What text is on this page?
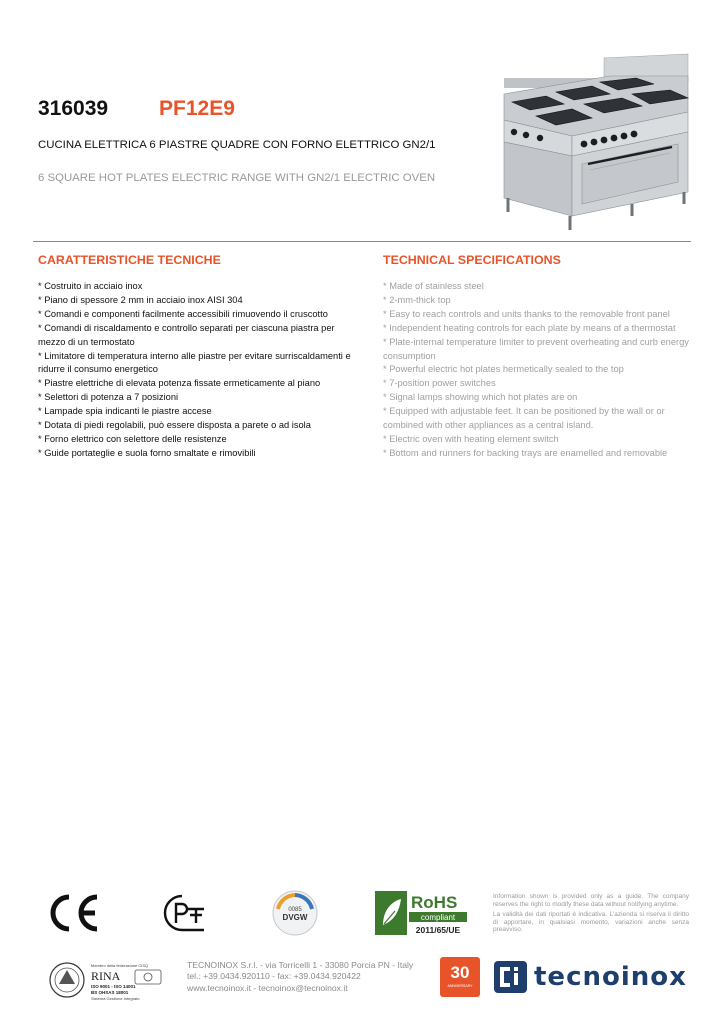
316039 PF12E9
CUCINA ELETTRICA 6 PIASTRE QUADRE CON FORNO ELETTRICO GN2/1
6 SQUARE HOT PLATES ELECTRIC RANGE WITH GN2/1 ELECTRIC OVEN
CARATTERISTICHE TECNICHE	TECHNICAL SPECIFICATIONS
* Costruito in acciaio inox
* Piano di spessore 2 mm in acciaio inox AISI 304
* Comandi e componenti facilmente accessibili rimuovendo il cruscotto
* Comandi di riscaldamento e controllo separati per ciascuna piastra per mezzo di un termostato
* Limitatore di temperatura interno alle piastre per evitare surriscaldamenti e ridurre il consumo energetico
* Piastre elettriche di elevata potenza fissate ermeticamente al piano
* Selettori di potenza a 7 posizioni
* Lampade spia indicanti le piastre accese
* Dotata di piedi regolabili, può essere disposta a parete o ad isola
* Forno elettrico con selettore delle resistenze
* Guide portateglie e suola forno smaltate e rimovibili
* Made of stainless steel
* 2-mm-thick top
* Easy to reach controls and units thanks to the removable front panel
* Independent heating controls for each plate by means of a thermostat
* Plate-internal temperature limiter to prevent overheating and curb energy consumption
* Powerful electric hot plates hermetically sealed to the top
* 7-position power switches
* Signal lamps showing which hot plates are on
* Equipped with adjustable feet. It can be positioned by the wall or or combined with other appliances as a central island.
* Electric oven with heating element switch
* Bottom and runners for backing trays are enamelled and removable
0085
DVGW
RoHS
compliant
2011/65/UE

Information shown is provided only as a guide. The company reserves the right to modify these data without notifying anytime.

La validità dei dati riportati è indicativa. L'azienda si riserva il diritto di apportare, in qualsiasi momento, variazioni anche senza preavviso.

Membro della federazione CISQ
RINA
ISO 9001 - ISO 14001
BS OHSAS 18001
Sistema Gestione Integrato
TECNOINOX S.r.l. - via Torricelli 1 - 33080 Porcia PN - Italy
tel.: +39.0434.920110 - fax: +39.0434.920422
www.tecnoinox.it - tecnoinox@tecnoinox.it
30
ANNIVERSARY tecnoinox
